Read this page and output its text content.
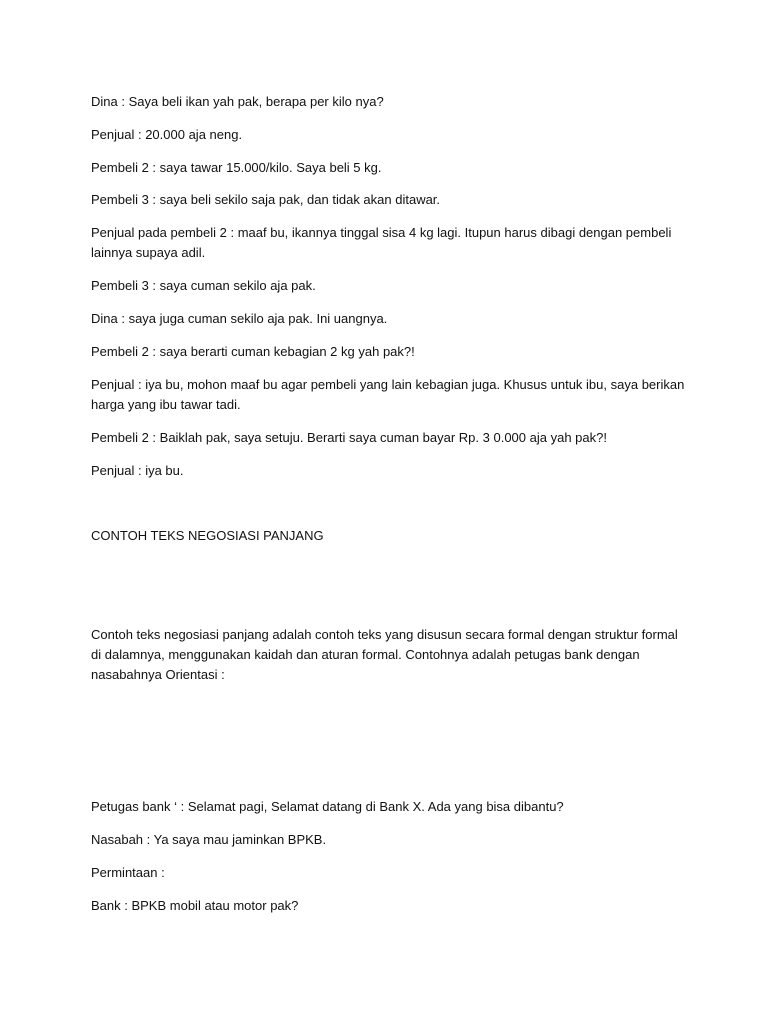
Dina : Saya beli ikan yah pak, berapa per kilo nya?

Penjual : 20.000 aja neng.

Pembeli 2 : saya tawar 15.000/kilo. Saya beli 5 kg.

Pembeli 3 : saya beli sekilo saja pak, dan tidak akan ditawar.

Penjual pada pembeli 2 : maaf bu, ikannya tinggal sisa 4 kg lagi. Itupun harus dibagi dengan pembeli lainnya supaya adil.

Pembeli 3 : saya cuman sekilo aja pak.

Dina : saya juga cuman sekilo aja pak. Ini uangnya.

Pembeli 2 : saya berarti cuman kebagian 2 kg yah pak?!

Penjual : iya bu, mohon maaf bu agar pembeli yang lain kebagian juga. Khusus untuk ibu, saya berikan harga yang ibu tawar tadi.

Pembeli 2 : Baiklah pak, saya setuju. Berarti saya cuman bayar Rp. 3 0.000 aja yah pak?!

Penjual : iya bu.

CONTOH TEKS NEGOSIASI PANJANG

Contoh teks negosiasi panjang adalah contoh teks yang disusun secara formal dengan struktur formal di dalamnya, menggunakan kaidah dan aturan formal. Contohnya adalah petugas bank dengan nasabahnya Orientasi :

Petugas bank ‘ : Selamat pagi, Selamat datang di Bank X. Ada yang bisa dibantu?

Nasabah : Ya saya mau jaminkan BPKB.

Permintaan :

Bank : BPKB mobil atau motor pak?
